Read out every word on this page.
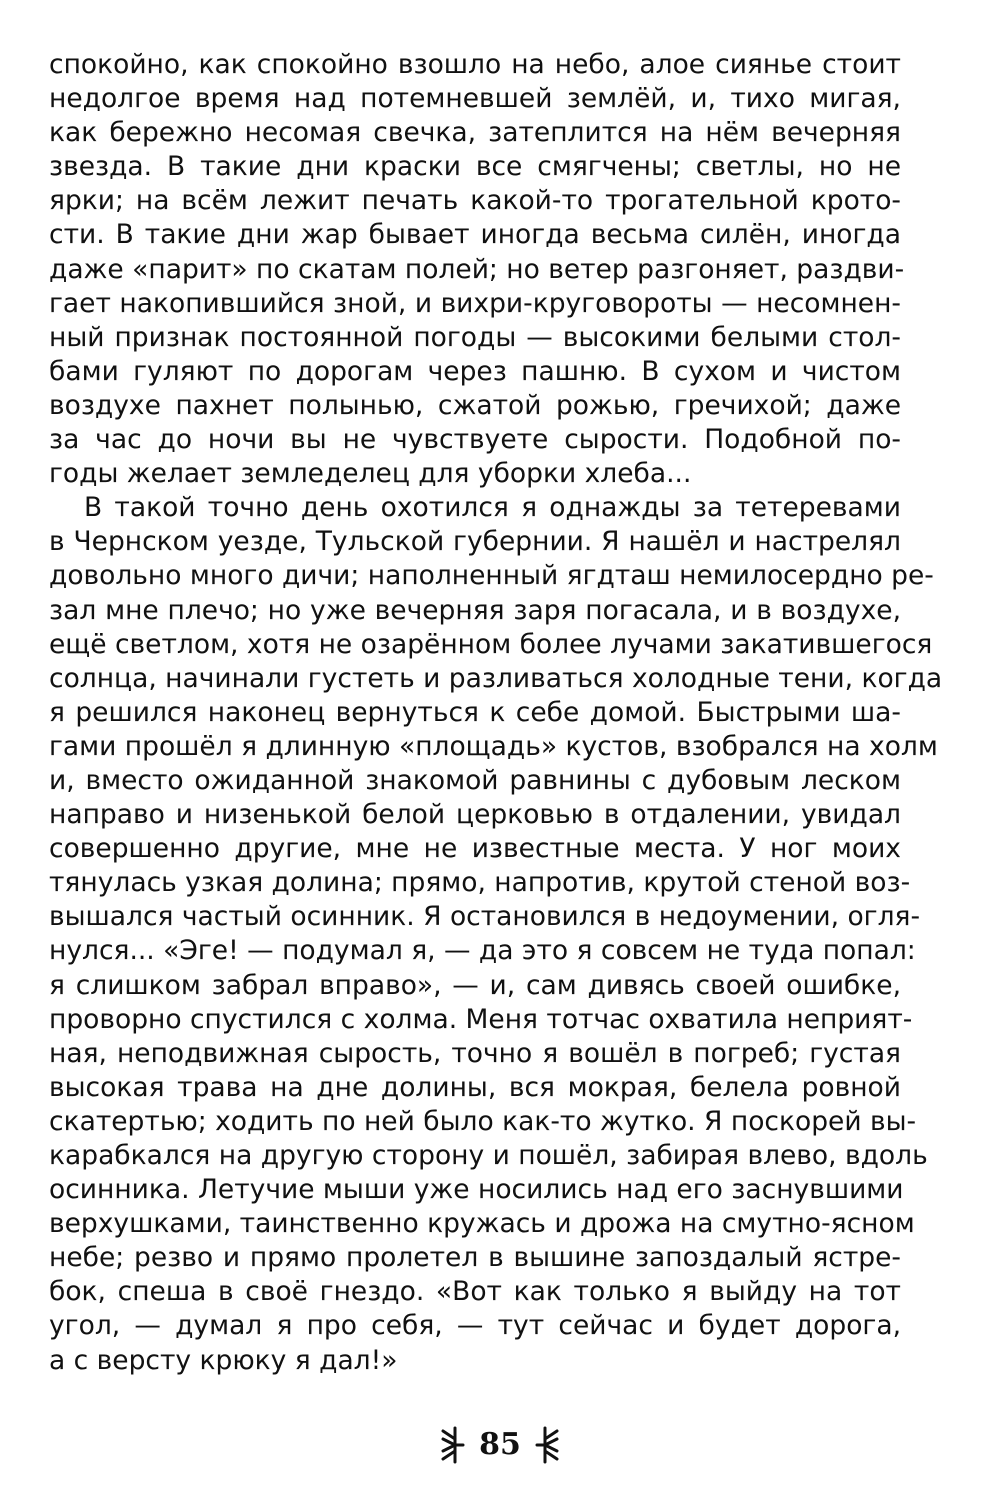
спокойно, как спокойно взошло на небо, алое сиянье стоит
недолгое время над потемневшей землёй, и, тихо мигая,
как бережно несомая свечка, затеплится на нём вечерняя
звезда. В такие дни краски все смягчены; светлы, но не
ярки; на всём лежит печать какой-то трогательной крото-
сти. В такие дни жар бывает иногда весьма силён, иногда
даже «парит» по скатам полей; но ветер разгоняет, раздви-
гает накопившийся зной, и вихри-круговороты — несомнен-
ный признак постоянной погоды — высокими белыми стол-
бами гуляют по дорогам через пашню. В сухом и чистом
воздухе пахнет полынью, сжатой рожью, гречихой; даже
за час до ночи вы не чувствуете сырости. Подобной по-
годы желает земледелец для уборки хлеба...
В такой точно день охотился я однажды за тетеревами
в Чернском уезде, Тульской губернии. Я нашёл и настрелял
довольно много дичи; наполненный ягдташ немилосердно ре-
зал мне плечо; но уже вечерняя заря погасала, и в воздухе,
ещё светлом, хотя не озарённом более лучами закатившегося
солнца, начинали густеть и разливаться холодные тени, когда
я решился наконец вернуться к себе домой. Быстрыми ша-
гами прошёл я длинную «площадь» кустов, взобрался на холм
и, вместо ожиданной знакомой равнины с дубовым леском
направо и низенькой белой церковью в отдалении, увидал
совершенно другие, мне не известные места. У ног моих
тянулась узкая долина; прямо, напротив, крутой стеной воз-
вышался частый осинник. Я остановился в недоумении, огля-
нулся... «Эге! — подумал я, — да это я совсем не туда попал:
я слишком забрал вправо», — и, сам дивясь своей ошибке,
проворно спустился с холма. Меня тотчас охватила неприят-
ная, неподвижная сырость, точно я вошёл в погреб; густая
высокая трава на дне долины, вся мокрая, белела ровной
скатертью; ходить по ней было как-то жутко. Я поскорей вы-
карабкался на другую сторону и пошёл, забирая влево, вдоль
осинника. Летучие мыши уже носились над его заснувшими
верхушками, таинственно кружась и дрожа на смутно-ясном
небе; резво и прямо пролетел в вышине запоздалый ястре-
бок, спеша в своё гнездо. «Вот как только я выйду на тот
угол, — думал я про себя, — тут сейчас и будет дорога,
а с версту крюку я дал!»
85
